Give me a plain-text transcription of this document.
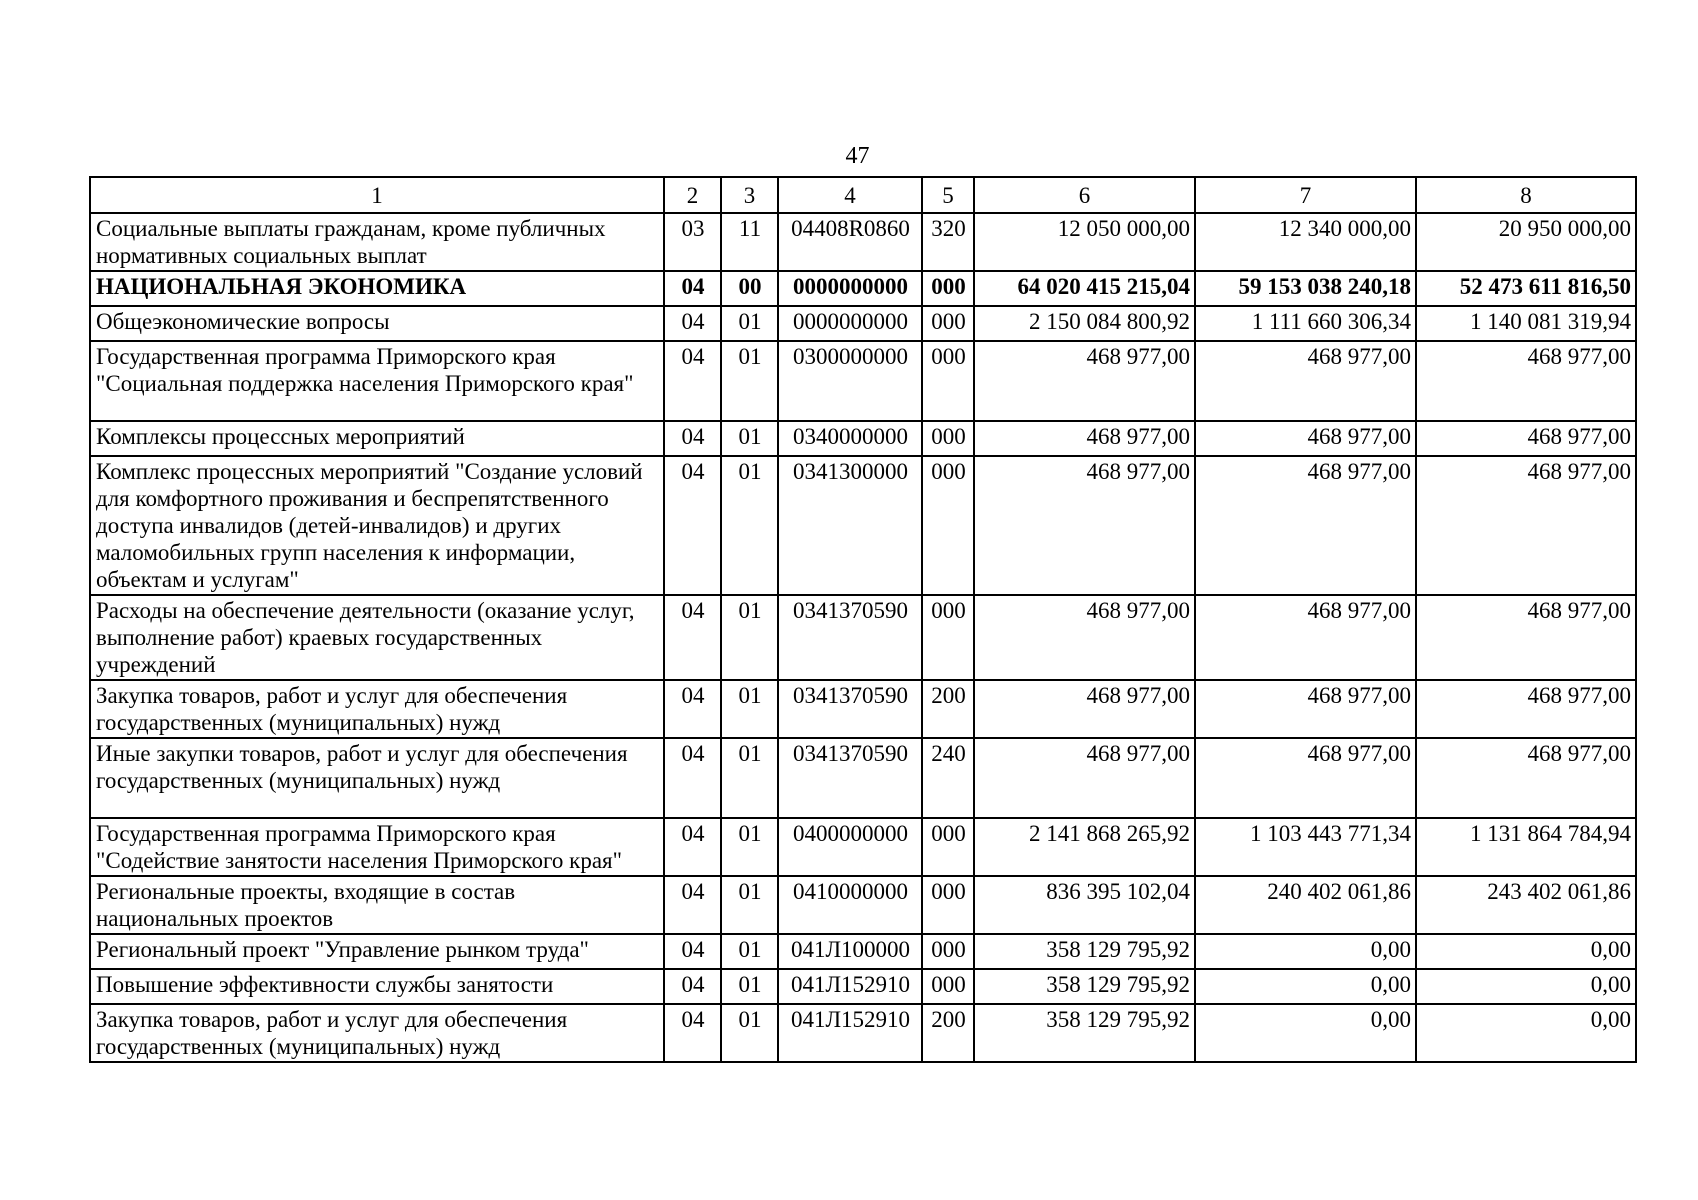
47
1	2	3	4	5	6	7	8
Социальные выплаты гражданам, кроме публичных нормативных социальных выплат	03	11	04408R0860	320	12 050 000,00	12 340 000,00	20 950 000,00
НАЦИОНАЛЬНАЯ ЭКОНОМИКА	04	00	0000000000	000	64 020 415 215,04	59 153 038 240,18	52 473 611 816,50
Общеэкономические вопросы	04	01	0000000000	000	2 150 084 800,92	1 111 660 306,34	1 140 081 319,94
Государственная программа Приморского края "Социальная поддержка населения Приморского края"	04	01	0300000000	000	468 977,00	468 977,00	468 977,00
Комплексы процессных мероприятий	04	01	0340000000	000	468 977,00	468 977,00	468 977,00
Комплекс процессных мероприятий "Создание условий для комфортного проживания и беспрепятственного доступа инвалидов (детей-инвалидов) и других маломобильных групп населения к информации, объектам и услугам"	04	01	0341300000	000	468 977,00	468 977,00	468 977,00
Расходы на обеспечение деятельности (оказание услуг, выполнение работ) краевых государственных учреждений	04	01	0341370590	000	468 977,00	468 977,00	468 977,00
Закупка товаров, работ и услуг для обеспечения государственных (муниципальных) нужд	04	01	0341370590	200	468 977,00	468 977,00	468 977,00
Иные закупки товаров, работ и услуг для обеспечения государственных (муниципальных) нужд	04	01	0341370590	240	468 977,00	468 977,00	468 977,00
Государственная программа Приморского края "Содействие занятости населения Приморского края"	04	01	0400000000	000	2 141 868 265,92	1 103 443 771,34	1 131 864 784,94
Региональные проекты, входящие в состав национальных проектов	04	01	0410000000	000	836 395 102,04	240 402 061,86	243 402 061,86
Региональный проект "Управление рынком труда"	04	01	041Л100000	000	358 129 795,92	0,00	0,00
Повышение эффективности службы занятости	04	01	041Л152910	000	358 129 795,92	0,00	0,00
Закупка товаров, работ и услуг для обеспечения государственных (муниципальных) нужд	04	01	041Л152910	200	358 129 795,92	0,00	0,00
